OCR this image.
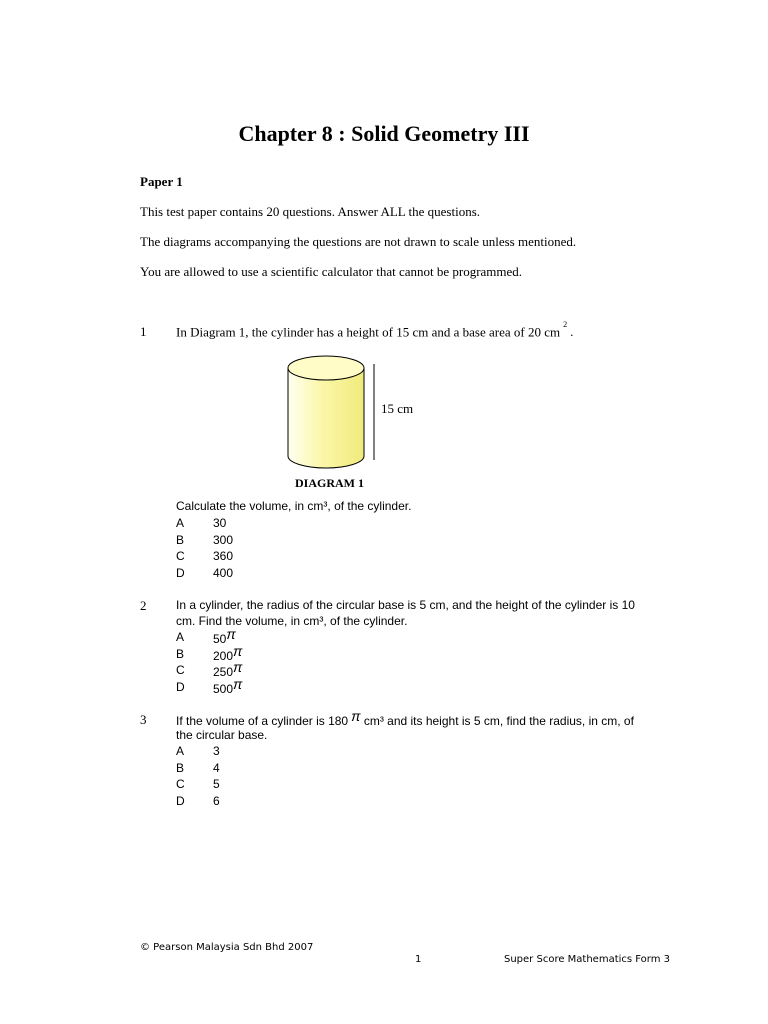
Chapter 8 : Solid Geometry III
Paper 1
This test paper contains 20 questions. Answer ALL the questions.
The diagrams accompanying the questions are not drawn to scale unless mentioned.
You are allowed to use a scientific calculator that cannot be programmed.
1 In Diagram 1, the cylinder has a height of 15 cm and a base area of 20 cm $^2$ .
15 cm
DIAGRAM 1
Calculate the volume, in cm³, of the cylinder.
A 30
B 300
C 360
D 400
2 In a cylinder, the radius of the circular base is 5 cm, and the height of the cylinder is 10
cm. Find the volume, in cm³, of the cylinder.
A 50π
B 200π
C 250π
D 500π
3 If the volume of a cylinder is 180 π cm³ and its height is 5 cm, find the radius, in cm, of
the circular base.
A 3
B 4
C 5
D 6
© Pearson Malaysia Sdn Bhd 2007
1	Super Score Mathematics Form 3
